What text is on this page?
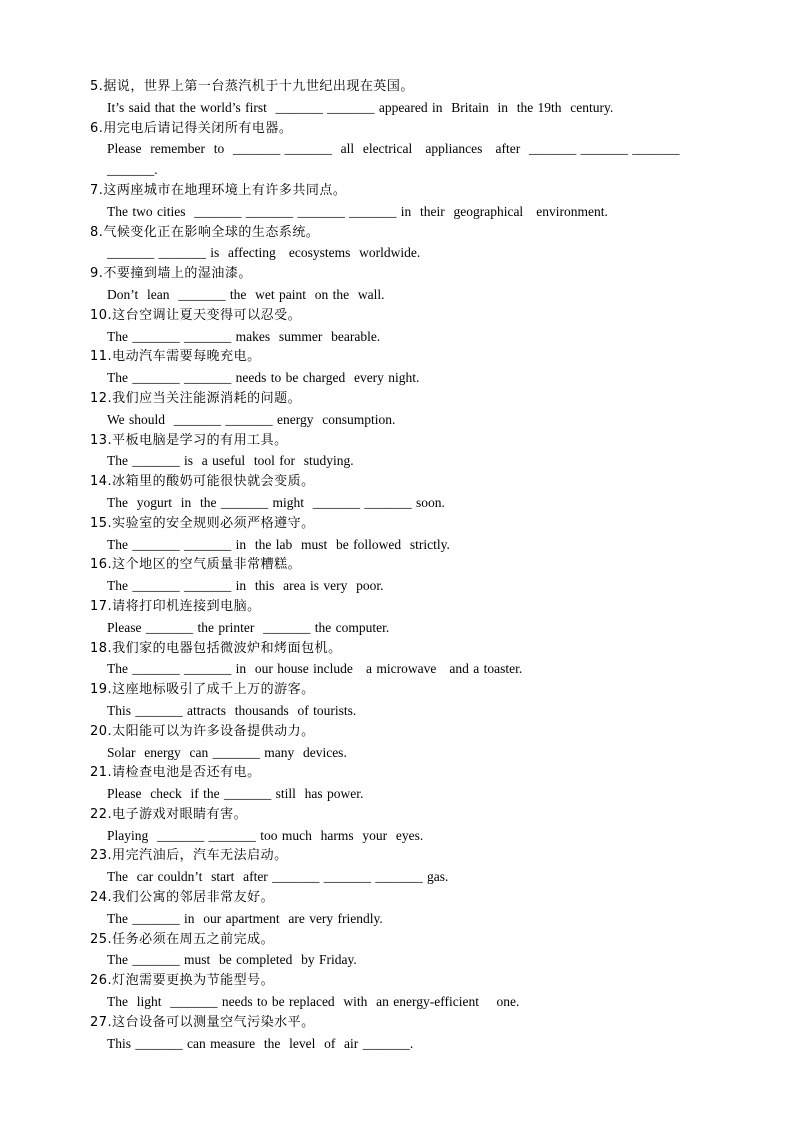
5.据说，世界上第一台蒸汽机于十九世纪出现在英国。
It’s said that the world’s first  _______ _______ appeared in  Britain  in  the 19th  century.
6.用完电后请记得关闭所有电器。
Please  remember  to  _______ _______  all  electrical   appliances   after  _______ _______ _______ _______.
7.这两座城市在地理环境上有许多共同点。
The two cities  _______ _______ _______ _______ in  their  geographical   environment.
8.气候变化正在影响全球的生态系统。
_______ _______ is  affecting   ecosystems  worldwide.
9.不要撞到墙上的湿油漆。
Don’t  lean  _______ the  wet paint  on the  wall.
10.这台空调让夏天变得可以忍受。
The _______ _______ makes  summer  bearable.
11.电动汽车需要每晚充电。
The _______ _______ needs to be charged  every night.
12.我们应当关注能源消耗的问题。
We should  _______ _______ energy  consumption.
13.平板电脑是学习的有用工具。
The _______ is  a useful  tool for  studying.
14.冰箱里的酸奶可能很快就会变质。
The  yogurt  in  the _______ might  _______ _______ soon.
15.实验室的安全规则必须严格遵守。
The _______ _______ in  the lab  must  be followed  strictly.
16.这个地区的空气质量非常糟糕。
The _______ _______ in  this  area is very  poor.
17.请将打印机连接到电脑。
Please _______ the printer  _______ the computer.
18.我们家的电器包括微波炉和烤面包机。
The _______ _______ in  our house include   a microwave   and a toaster.
19.这座地标吸引了成千上万的游客。
This _______ attracts  thousands  of tourists.
20.太阳能可以为许多设备提供动力。
Solar  energy  can _______ many  devices.
21.请检查电池是否还有电。
Please  check  if the _______ still  has power.
22.电子游戏对眼睛有害。
Playing  _______ _______ too much  harms  your  eyes.
23.用完汽油后，汽车无法启动。
The  car couldn’t  start  after _______ _______ _______ gas.
24.我们公寓的邻居非常友好。
The _______ in  our apartment  are very friendly.
25.任务必须在周五之前完成。
The _______ must  be completed  by Friday.
26.灯泡需要更换为节能型号。
The  light  _______ needs to be replaced  with  an energy-efficient    one.
27.这台设备可以测量空气污染水平。
This _______ can measure  the  level  of  air _______.
